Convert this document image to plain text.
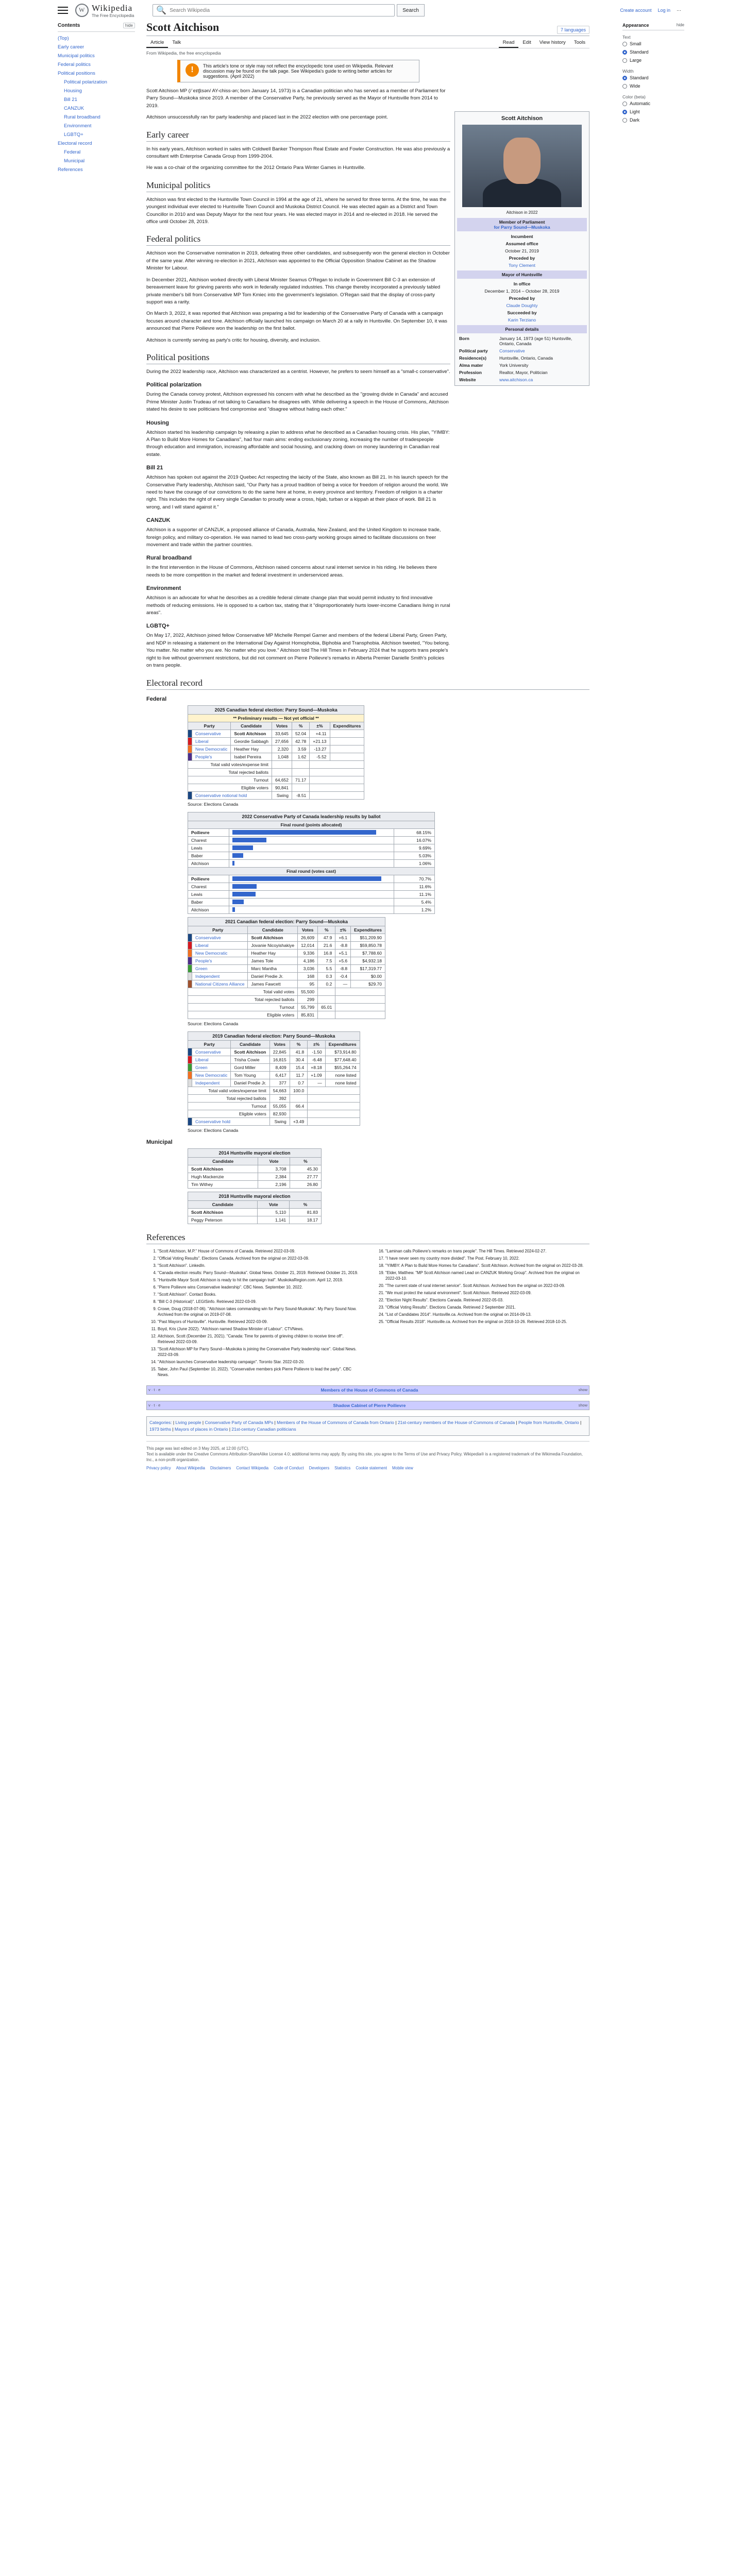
W
Wikipedia
The Free Encyclopedia
🔍
Search Wikipedia	Search	Create account Log in ⋯
Contents	hide
(Top)
Early career
Municipal politics
Federal politics
Political positions
Political polarization
Housing
Bill 21
CANZUK
Rural broadband
Environment
LGBTQ+
Electoral record
Federal
Municipal
References
Scott Aitchison	7 languages
Article	Talk	Read	Edit	View history	Tools
From Wikipedia, the free encyclopedia
Scott Aitchison
Aitchison in 2022
Member of Parliament
for Parry Sound—Muskoka
Incumbent
Assumed office
October 21, 2019
Preceded by
Tony Clement
Mayor of Huntsville
In office
December 1, 2014 – October 28, 2019
Preceded by
Claude Doughty
Succeeded by
Karin Terziano
Personal details
Born	January 14, 1973 (age 51) Huntsville, Ontario, Canada
Political party	Conservative
Residence(s)	Huntsville, Ontario, Canada
Alma mater	York University
Profession	Realtor, Mayor, Politician
Website	www.aitchison.ca
!	This article's tone or style may not reflect the encyclopedic tone used on Wikipedia. Relevant discussion may be found on the talk page. See Wikipedia's guide to writing better articles for suggestions. (April 2022)

Scott Aitchison MP (/ˈeɪtʃɪsən/ AY-chiss-ən; born January 14, 1973) is a Canadian politician who has served as a member of Parliament for Parry Sound—Muskoka since 2019. A member of the Conservative Party, he previously served as the Mayor of Huntsville from 2014 to 2019.

Aitchison unsuccessfully ran for party leadership and placed last in the 2022 election with one percentage point.

Early career

In his early years, Aitchison worked in sales with Coldwell Banker Thompson Real Estate and Fowler Construction. He was also previously a consultant with Enterprise Canada Group from 1999-2004.

He was a co-chair of the organizing committee for the 2012 Ontario Para Winter Games in Huntsville.

Municipal politics

Aitchison was first elected to the Huntsville Town Council in 1994 at the age of 21, where he served for three terms. At the time, he was the youngest individual ever elected to Huntsville Town Council and Muskoka District Council. He was elected again as a District and Town Councillor in 2010 and was Deputy Mayor for the next four years. He was elected mayor in 2014 and re-elected in 2018. He served the office until October 28, 2019.

Federal politics

Aitchison won the Conservative nomination in 2019, defeating three other candidates, and subsequently won the general election in October of the same year. After winning re-election in 2021, Aitchison was appointed to the Official Opposition Shadow Cabinet as the Shadow Minister for Labour.

In December 2021, Aitchison worked directly with Liberal Minister Seamus O'Regan to include in Government Bill C-3 an extension of bereavement leave for grieving parents who work in federally regulated industries. This change thereby incorporated a previously tabled private member's bill from Conservative MP Tom Kmiec into the government's legislation. O'Regan said that the display of cross-party support was a rarity.

On March 3, 2022, it was reported that Aitchison was preparing a bid for leadership of the Conservative Party of Canada with a campaign focuses around character and tone. Aitchison officially launched his campaign on March 20 at a rally in Huntsville. On September 10, it was announced that Pierre Poilievre won the leadership on the first ballot.

Aitchison is currently serving as party's critic for housing, diversity, and inclusion.

Political positions

During the 2022 leadership race, Aitchison was characterized as a centrist. However, he prefers to seem himself as a "small-c conservative".

Political polarization

During the Canada convoy protest, Aitchison expressed his concern with what he described as the "growing divide in Canada" and accused Prime Minister Justin Trudeau of not talking to Canadians he disagrees with. While delivering a speech in the House of Commons, Aitchison stated his desire to see politicians find compromise and "disagree without hating each other."

Housing

Aitchison started his leadership campaign by releasing a plan to address what he described as a Canadian housing crisis. His plan, "YIMBY: A Plan to Build More Homes for Canadians", had four main aims: ending exclusionary zoning, increasing the number of tradespeople through education and immigration, increasing affordable and social housing, and cracking down on money laundering in Canadian real estate.

Bill 21

Aitchison has spoken out against the 2019 Quebec Act respecting the laicity of the State, also known as Bill 21. In his launch speech for the Conservative Party leadership, Aitchison said, "Our Party has a proud tradition of being a voice for freedom of religion around the world. We need to have the courage of our convictions to do the same here at home, in every province and territory. Freedom of religion is a charter right. This includes the right of every single Canadian to proudly wear a cross, hijab, turban or a kippah at their place of work. Bill 21 is wrong, and I will stand against it."

CANZUK

Aitchison is a supporter of CANZUK, a proposed alliance of Canada, Australia, New Zealand, and the United Kingdom to increase trade, foreign policy, and military co-operation. He was named to lead two cross-party working groups aimed to facilitate discussions on freer movement and trade within the partner countries.

Rural broadband

In the first intervention in the House of Commons, Aitchison raised concerns about rural internet service in his riding. He believes there needs to be more competition in the market and federal investment in underserviced areas.

Environment

Aitchison is an advocate for what he describes as a credible federal climate change plan that would permit industry to find innovative methods of reducing emissions. He is opposed to a carbon tax, stating that it "disproportionately hurts lower-income Canadians living in rural areas".

LGBTQ+

On May 17, 2022, Aitchison joined fellow Conservative MP Michelle Rempel Garner and members of the federal Liberal Party, Green Party, and NDP in releasing a statement on the International Day Against Homophobia, Biphobia and Transphobia. Aitchison tweeted, "You belong. You matter. No matter who you are. No matter who you love." Aitchison told The Hill Times in February 2024 that he supports trans people's right to live without government restrictions, but did not comment on Pierre Poilievre's remarks in Alberta Premier Danielle Smith's policies on trans people.

Electoral record
Federal
2025 Canadian federal election: Parry Sound—Muskoka
** Preliminary results — Not yet official **						
Party		Candidate	Votes	%	±%	Expenditures
	Conservative	Scott Aitchison	33,645	52.04	+4.11	
	Liberal	Geordie Sabbagh	27,656	42.78	+21.13	
	New Democratic	Heather Hay	2,320	3.59	-13.27	
	People's	Isabel Pereira	1,048	1.62	-5.52	
Total valid votes/expense limit						
Total rejected ballots						
Turnout			64,652	71.17		
Eligible voters			90,841			
	Conservative notional hold		Swing	-8.51		
Source: Elections Canada
2022 Conservative Party of Canada leadership results by ballot
Final round (points allocated)		
Poilievre		68.15%
Charest		16.07%
Lewis		9.69%
Baber		5.03%
Aitchison		1.06%
Final round (votes cast)		
Poilievre		70.7%
Charest		11.6%
Lewis		11.1%
Baber		5.4%
Aitchison		1.2%
2021 Canadian federal election: Parry Sound—Muskoka
Party		Candidate	Votes	%	±%	Expenditures
	Conservative	Scott Aitchison	26,609	47.9	+6.1	$51,209.90
	Liberal	Jovanie Nicoyishakiye	12,014	21.6	-8.8	$59,850.78
	New Democratic	Heather Hay	9,336	16.8	+5.1	$7,788.60
	People's	James Tole	4,186	7.5	+5.6	$4,932.18
	Green	Marc Mantha	3,036	5.5	-8.8	$17,319.77
	Independent	Daniel Predie Jr.	168	0.3	-0.4	$0.00
	National Citizens Alliance	James Fawcett	95	0.2	—	$29.70
Total valid votes			55,500			
Total rejected ballots			299			
Turnout			55,799	65.01		
Eligible voters			85,831			
Source: Elections Canada
2019 Canadian federal election: Parry Sound—Muskoka
Party		Candidate	Votes	%	±%	Expenditures
	Conservative	Scott Aitchison	22,845	41.8	-1.50	$73,914.80
	Liberal	Trisha Cowie	16,815	30.4	-6.48	$77,648.40
	Green	Gord Miller	8,409	15.4	+8.18	$55,264.74
	New Democratic	Tom Young	6,417	11.7	+1.09	none listed
	Independent	Daniel Predie Jr.	377	0.7	—	none listed
Total valid votes/expense limit			54,663	100.0		
Total rejected ballots			392			
Turnout			55,055	66.4		
Eligible voters			82,930			
	Conservative hold		Swing	+3.49		
Source: Elections Canada
Municipal
2014 Huntsville mayoral election
Candidate	Vote	%
Scott Aitchison	3,708	45.30
Hugh Mackenzie	2,384	27.77
Tim Withey	2,196	26.80
2018 Huntsville mayoral election
Candidate	Vote	%
Scott Aitchison	5,110	81.83
Peggy Peterson	1,141	18.17
References
1. "Scott Aitchison, M.P." House of Commons of Canada. Retrieved 2022-03-09.
2. "Official Voting Results". Elections Canada. Archived from the original on 2022-03-09.
3. "Scott Aitchison". LinkedIn.
4. "Canada election results: Parry Sound—Muskoka". Global News. October 21, 2019. Retrieved October 21, 2019.
5. "Huntsville Mayor Scott Aitchison is ready to hit the campaign trail". MuskokaRegion.com. April 12, 2019.
6. "Pierre Poilievre wins Conservative leadership". CBC News. September 10, 2022.
7. "Scott Aitchison". Contact Books.
8. "Bill C-3 (Historical)". LEGISinfo. Retrieved 2022-03-09.
9. Crowe, Doug (2018-07-06). "Aitchison takes commanding win for Parry Sound-Muskoka". My Parry Sound Now. Archived from the original on 2019-07-08.
10. "Past Mayors of Huntsville". Huntsville. Retrieved 2022-03-09.
11. Boyd, Kris (June 2022). "Aitchison named Shadow Minister of Labour". CTVNews.
12. Aitchison, Scott (December 21, 2021). "Canada: Time for parents of grieving children to receive time off". Retrieved 2022-03-09.
13. "Scott Aitchison MP for Parry Sound—Muskoka is joining the Conservative Party leadership race". Global News. 2022-03-09.
14. "Aitchison launches Conservative leadership campaign". Toronto Star. 2022-03-20.
15. Taber, John Paul (September 10, 2022). "Conservative members pick Pierre Poilievre to lead the party". CBC News.
16. "Laminan calls Poilievre's remarks on trans people". The Hill Times. Retrieved 2024-02-27.
17. "I have never seen my country more divided". The Post. February 10, 2022.
18. "YIMBY: A Plan to Build More Homes for Canadians". Scott Aitchison. Archived from the original on 2022-03-28.
19. "Elder, Matthew. "MP Scott Aitchison named Lead on CANZUK Working Group". Archived from the original on 2022-03-10.
20. "The current state of rural internet service". Scott Aitchison. Archived from the original on 2022-03-09.
21. "We must protect the natural environment". Scott Aitchison. Retrieved 2022-03-09.
22. "Election Night Results". Elections Canada. Retrieved 2022-05-03.
23. "Official Voting Results". Elections Canada. Retrieved 2 September 2021.
24. "List of Candidates 2014". Huntsville.ca. Archived from the original on 2014-09-13.
25. "Official Results 2018". Huntsville.ca. Archived from the original on 2018-10-26. Retrieved 2018-10-25.
v · t · e	Members of the House of Commons of Canada	show
v · t · e	Shadow Cabinet of Pierre Poilievre	show
Categories: | Living people | Conservative Party of Canada MPs | Members of the House of Commons of Canada from Ontario | 21st-century members of the House of Commons of Canada | People from Huntsville, Ontario | 1973 births | Mayors of places in Ontario | 21st-century Canadian politicians
This page was last edited on 3 May 2025, at 12:00 (UTC).
Text is available under the Creative Commons Attribution-ShareAlike License 4.0; additional terms may apply. By using this site, you agree to the Terms of Use and Privacy Policy. Wikipedia® is a registered trademark of the Wikimedia Foundation, Inc., a non-profit organization.
Privacy policy About Wikipedia Disclaimers Contact Wikipedia Code of Conduct Developers Statistics Cookie statement Mobile view
Appearance	hide
Text
Small
Standard
Large
Width
Standard
Wide
Color (beta)
Automatic
Light
Dark
